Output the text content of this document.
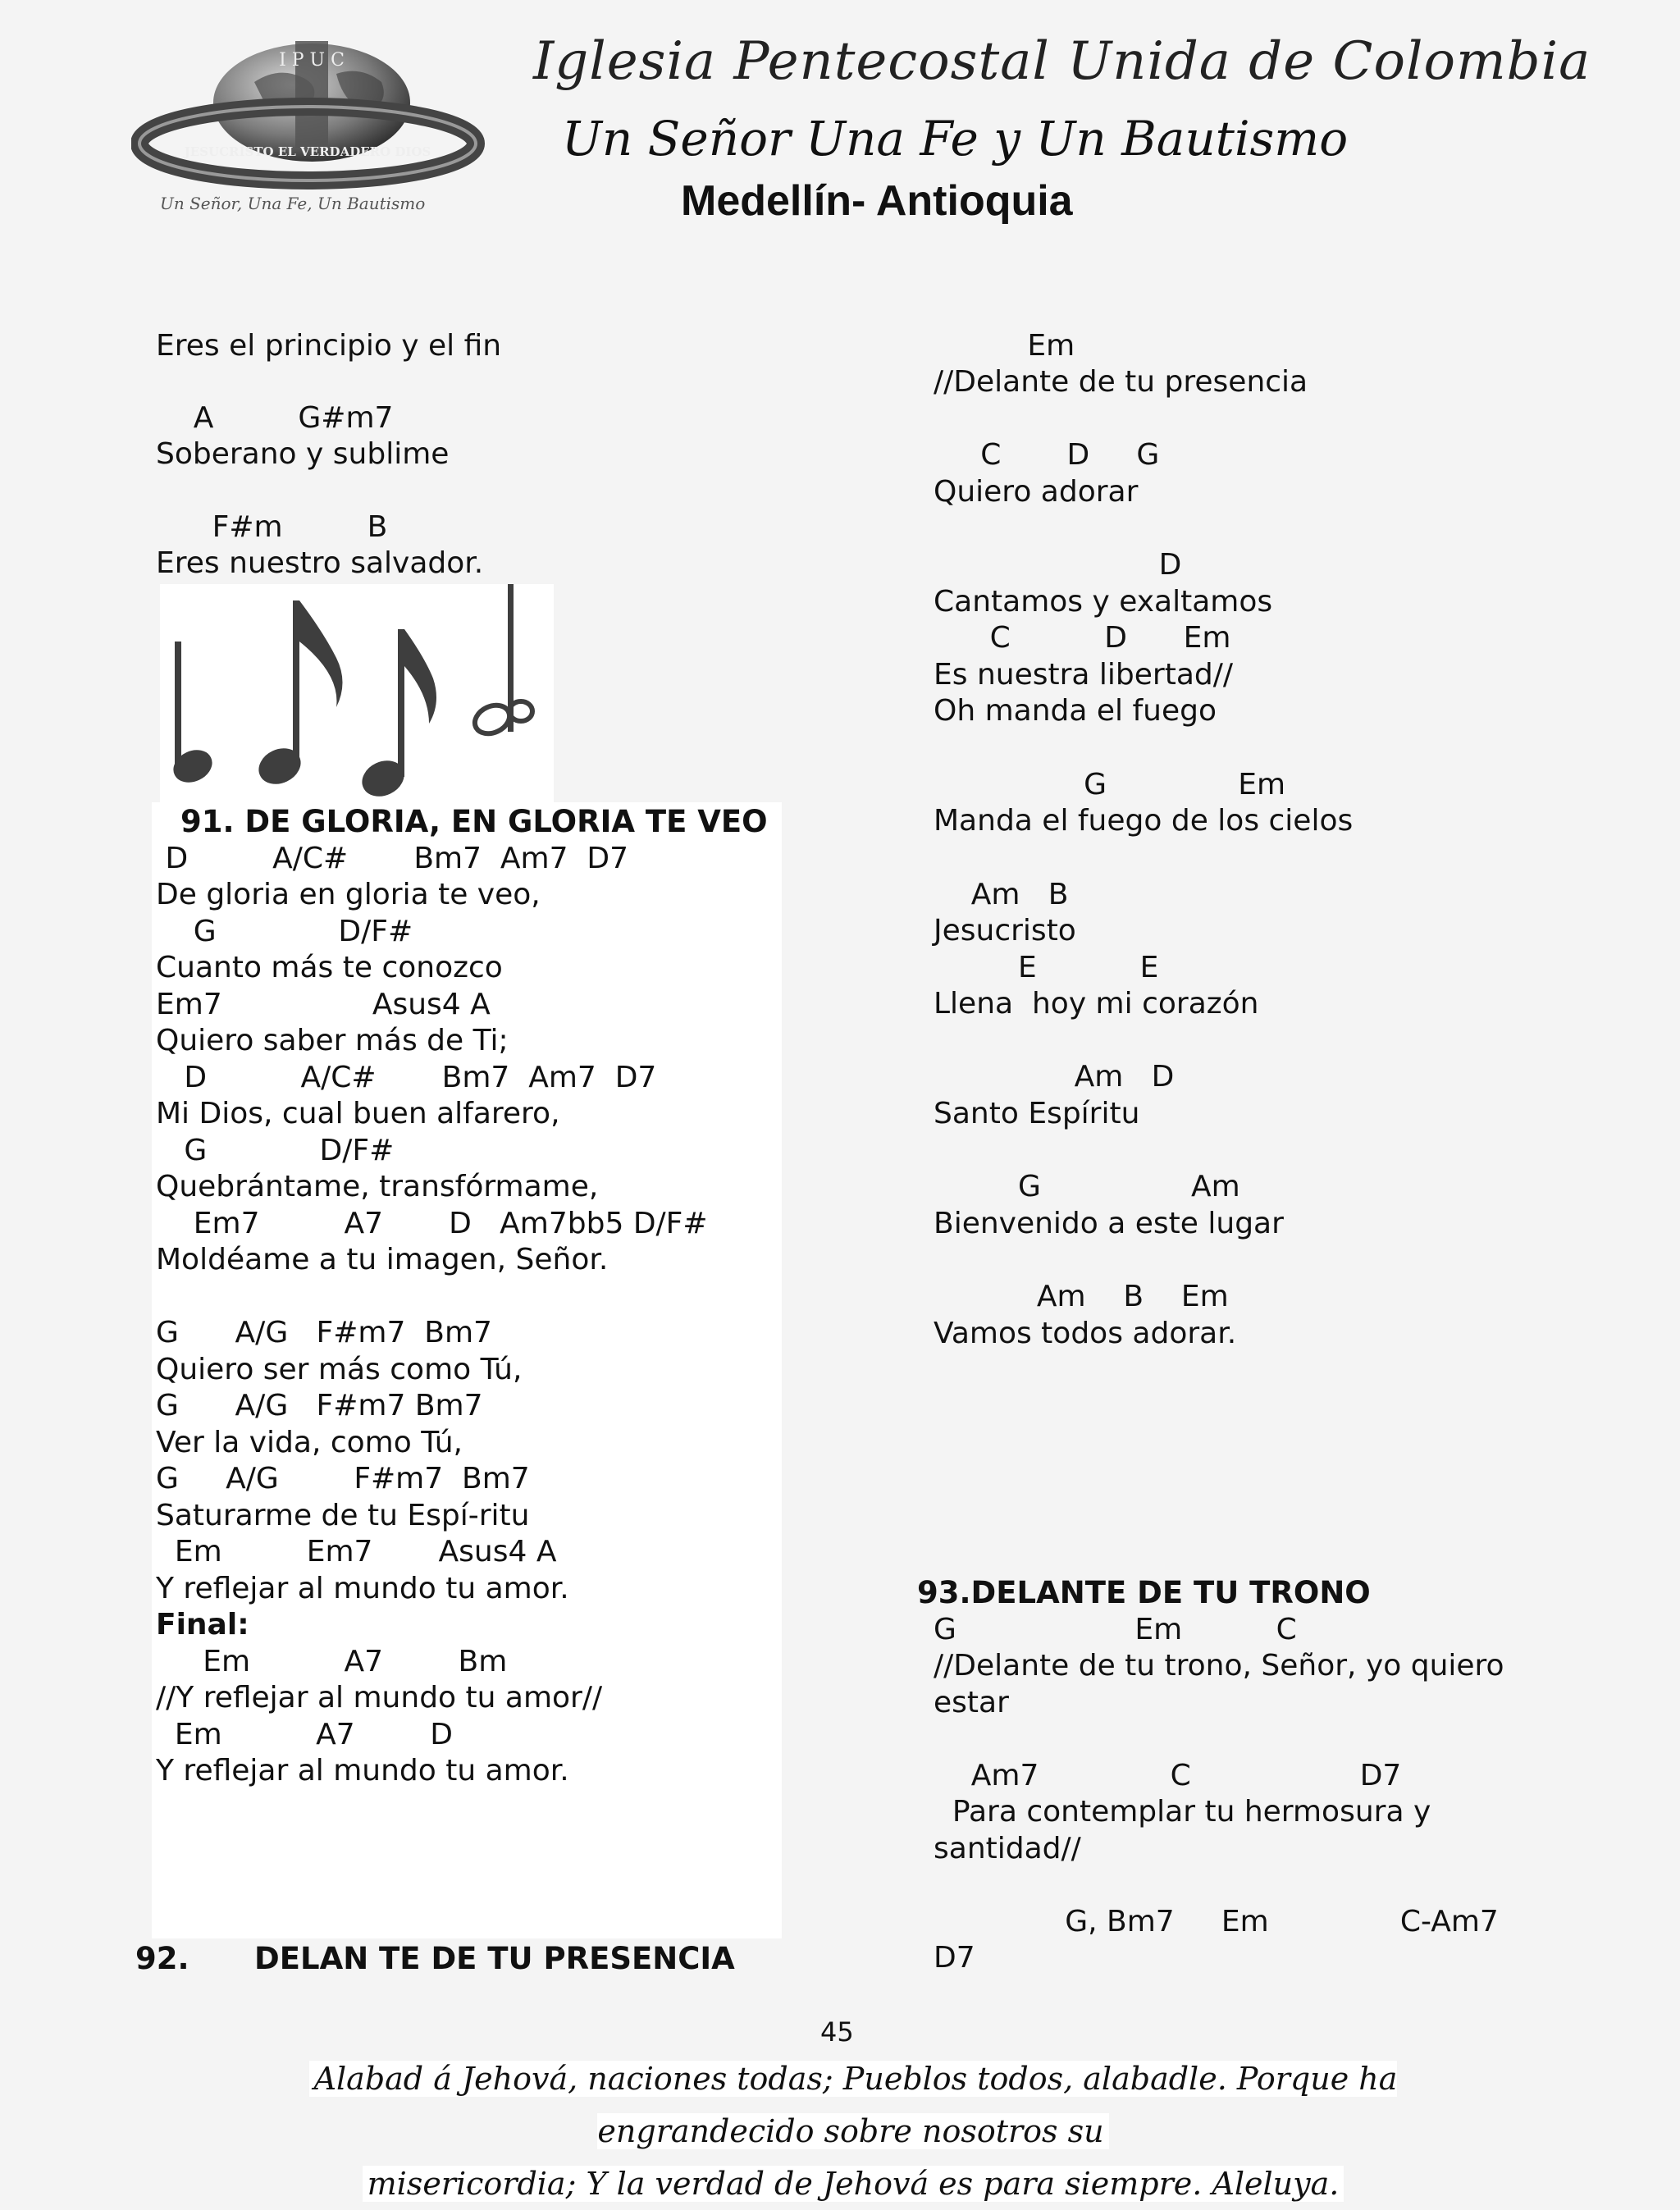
I P U C
JESUCRISTO EL VERDADERO DIOS
Un Señor, Una Fe, Un Bautismo
Iglesia Pentecostal Unida de Colombia
Un Señor Una Fe y Un Bautismo
Medellín- Antioquia
Eres el principio y el fin
A         G#m7
Soberano y sublime
F#m         B
Eres nuestro salvador.
91. DE GLORIA, EN GLORIA TE VEO
D         A/C#       Bm7  Am7  D7
De gloria en gloria te veo,
G             D/F#
Cuanto más te conozco
Em7                Asus4 A
Quiero saber más de Ti;
D          A/C#       Bm7  Am7  D7
Mi Dios, cual buen alfarero,
G            D/F#
Quebrántame, transfórmame,
Em7         A7       D   Am7bb5 D/F#
Moldéame a tu imagen, Señor.
G      A/G   F#m7  Bm7
Quiero ser más como Tú,
G      A/G   F#m7 Bm7
Ver la vida, como Tú,
G     A/G        F#m7  Bm7
Saturarme de tu Espí-ritu
Em         Em7       Asus4 A
Y reflejar al mundo tu amor.
Final:
Em          A7        Bm
//Y reflejar al mundo tu amor//
Em          A7        D
Y reflejar al mundo tu amor.
92. DELAN TE DE TU PRESENCIA
Em
//Delante de tu presencia
C       D     G
Quiero adorar
D
Cantamos y exaltamos
C          D      Em
Es nuestra libertad//
Oh manda el fuego
G              Em
Manda el fuego de los cielos
Am   B
Jesucristo
E           E
Llena  hoy mi corazón
Am   D
Santo Espíritu
G                Am
Bienvenido a este lugar
Am    B    Em
Vamos todos adorar.
93.DELANTE DE TU TRONO
G                   Em          C
//Delante de tu trono, Señor, yo quiero
estar
Am7              C                  D7
Para contemplar tu hermosura y
santidad//
G, Bm7     Em              C-Am7
D7
45
Alabad á Jehová, naciones todas; Pueblos todos, alabadle. Porque ha engrandecido sobre nosotros su
misericordia; Y la verdad de Jehová es para siempre. Aleluya.
